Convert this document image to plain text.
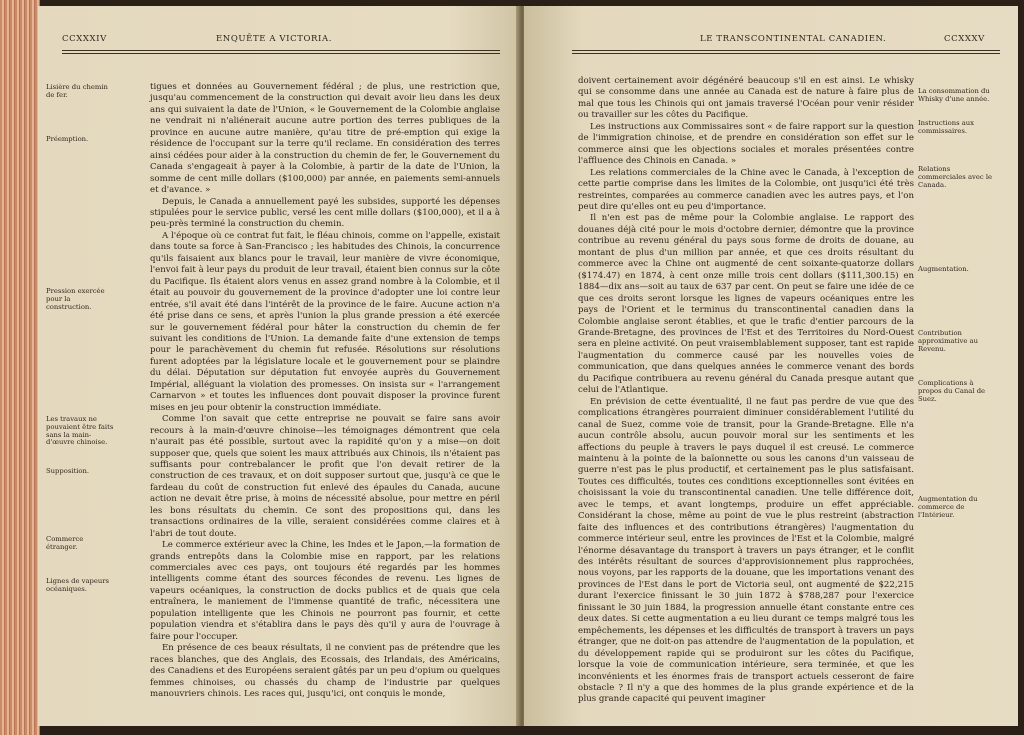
CCXXXIV	ENQUÊTE A VICTORIA.
Lisière du chemin de fer.
Préemption.
Pression exercée pour la construction.
Les travaux ne pouvaient être faits sans la main-d'œuvre chinoise.
Supposition.
Commerce étranger.
Lignes de vapeurs océaniques.

tigues et données au Gouvernement fédéral ; de plus, une restriction que, jusqu'au commencement de la construction qui devait avoir lieu dans les deux ans qui suivaient la date de l'Union, « le Gouvernement de la Colombie anglaise ne vendrait ni n'aliénerait aucune autre portion des terres publiques de la province en aucune autre manière, qu'au titre de pré-emption qui exige la résidence de l'occupant sur la terre qu'il reclame. En considération des terres ainsi cédées pour aider à la construction du chemin de fer, le Gouvernement du Canada s'engageait à payer à la Colombie, à partir de la date de l'Union, la somme de cent mille dollars ($100,000) par année, en paiements semi-annuels et d'avance. »

Depuis, le Canada a annuellement payé les subsides, supporté les dépenses stipulées pour le service public, versé les cent mille dollars ($100,000), et il a à peu-près terminé la construction du chemin.

A l'époque où ce contrat fut fait, le fléau chinois, comme on l'appelle, existait dans toute sa force à San-Francisco ; les habitudes des Chinois, la concurrence qu'ils faisaient aux blancs pour le travail, leur manière de vivre économique, l'envoi fait à leur pays du produit de leur travail, étaient bien connus sur la côte du Pacifique. Ils étaient alors venus en assez grand nombre à la Colombie, et il était au pouvoir du gouvernement de la province d'adopter une loi contre leur entrée, s'il avait été dans l'intérêt de la province de le faire. Aucune action n'a été prise dans ce sens, et après l'union la plus grande pression a été exercée sur le gouvernement fédéral pour hâter la construction du chemin de fer suivant les conditions de l'Union. La demande faite d'une extension de temps pour le parachèvement du chemin fut refusée. Résolutions sur résolutions furent adoptées par la législature locale et le gouvernement pour se plaindre du délai. Députation sur députation fut envoyée auprès du Gouvernement Impérial, alléguant la violation des promesses. On insista sur « l'arrangement Carnarvon » et toutes les influences dont pouvait disposer la province furent mises en jeu pour obtenir la construction immédiate.

Comme l'on savait que cette entreprise ne pouvait se faire sans avoir recours à la main-d'œuvre chinoise—les témoignages démontrent que cela n'aurait pas été possible, surtout avec la rapidité qu'on y a mise—on doit supposer que, quels que soient les maux attribués aux Chinois, ils n'étaient pas suffisants pour contrebalancer le profit que l'on devait retirer de la construction de ces travaux, et on doit supposer surtout que, jusqu'à ce que le fardeau du coût de construction fut enlevé des épaules du Canada, aucune action ne devait être prise, à moins de nécessité absolue, pour mettre en péril les bons résultats du chemin. Ce sont des propositions qui, dans les transactions ordinaires de la ville, seraient considérées comme claires et à l'abri de tout doute.

Le commerce extérieur avec la Chine, les Indes et le Japon,—la formation de grands entrepôts dans la Colombie mise en rapport, par les relations commerciales avec ces pays, ont toujours été regardés par les hommes intelligents comme étant des sources fécondes de revenu. Les lignes de vapeurs océaniques, la construction de docks publics et de quais que cela entraînera, le maniement de l'immense quantité de trafic, nécessitera une population intelligente que les Chinois ne pourront pas fournir, et cette population viendra et s'établira dans le pays dès qu'il y aura de l'ouvrage à faire pour l'occuper.

En présence de ces beaux résultats, il ne convient pas de prétendre que les races blanches, que des Anglais, des Ecossais, des Irlandais, des Américains, des Canadiens et des Européens seraient gâtés par un peu d'opium ou quelques femmes chinoises, ou chassés du champ de l'industrie par quelques manouvriers chinois. Les races qui, jusqu'ici, ont conquis le monde,

LE TRANSCONTINENTAL CANADIEN.	CCXXXV

doivent certainement avoir dégénéré beaucoup s'il en est ainsi. Le whisky qui se consomme dans une année au Canada est de nature à faire plus de mal que tous les Chinois qui ont jamais traversé l'Océan pour venir résider ou travailler sur les côtes du Pacifique.

Les instructions aux Commissaires sont « de faire rapport sur la question de l'immigration chinoise, et de prendre en considération son effet sur le commerce ainsi que les objections sociales et morales présentées contre l'affluence des Chinois en Canada. »

Les relations commerciales de la Chine avec le Canada, à l'exception de cette partie comprise dans les limites de la Colombie, ont jusqu'ici été très restreintes, comparées au commerce canadien avec les autres pays, et l'on peut dire qu'elles ont eu peu d'importance.

Il n'en est pas de même pour la Colombie anglaise. Le rapport des douanes déjà cité pour le mois d'octobre dernier, démontre que la province contribue au revenu général du pays sous forme de droits de douane, au montant de plus d'un million par année, et que ces droits résultant du commerce avec la Chine ont augmenté de cent soixante-quatorze dollars ($174.47) en 1874, à cent onze mille trois cent dollars ($111,300.15) en 1884—dix ans—soit au taux de 637 par cent. On peut se faire une idée de ce que ces droits seront lorsque les lignes de vapeurs océaniques entre les pays de l'Orient et le terminus du transcontinental canadien dans la Colombie anglaise seront établies, et que le trafic d'entier parcours de la Grande-Bretagne, des provinces de l'Est et des Territoires du Nord-Ouest sera en pleine activité. On peut vraisemblablement supposer, tant est rapide l'augmentation du commerce causé par les nouvelles voies de communication, que dans quelques années le commerce venant des bords du Pacifique contribuera au revenu général du Canada presque autant que celui de l'Atlantique.

En prévision de cette éventualité, il ne faut pas perdre de vue que des complications étrangères pourraient diminuer considérablement l'utilité du canal de Suez, comme voie de transit, pour la Grande-Bretagne. Elle n'a aucun contrôle absolu, aucun pouvoir moral sur les sentiments et les affections du peuple à travers le pays duquel il est creusé. Le commerce maintenu à la pointe de la baïonnette ou sous les canons d'un vaisseau de guerre n'est pas le plus productif, et certainement pas le plus satisfaisant. Toutes ces difficultés, toutes ces conditions exceptionnelles sont évitées en choisissant la voie du transcontinental canadien. Une telle différence doit, avec le temps, et avant longtemps, produire un effet appréciable. Considérant la chose, même au point de vue le plus restreint (abstraction faite des influences et des contributions étrangères) l'augmentation du commerce intérieur seul, entre les provinces de l'Est et la Colombie, malgré l'énorme désavantage du transport à travers un pays étranger, et le conflit des intérêts résultant de sources d'approvisionnement plus rapprochées, nous voyons, par les rapports de la douane, que les importations venant des provinces de l'Est dans le port de Victoria seul, ont augmenté de $22,215 durant l'exercice finissant le 30 juin 1872 à $788,287 pour l'exercice finissant le 30 juin 1884, la progression annuelle étant constante entre ces deux dates. Si cette augmentation a eu lieu durant ce temps malgré tous les empêchements, les dépenses et les difficultés de transport à travers un pays étranger, que ne doit-on pas attendre de l'augmentation de la population, et du développement rapide qui se produiront sur les côtes du Pacifique, lorsque la voie de communication intérieure, sera terminée, et que les inconvénients et les énormes frais de transport actuels cesseront de faire obstacle ? Il n'y a que des hommes de la plus grande expérience et de la plus grande capacité qui peuvent imaginer

La consommation du Whisky d'une année.
Instructions aux commissaires.
Relations commerciales avec le Canada.
Augmentation.
Contribution approximative au Revenu.
Complications à propos du Canal de Suez.
Augmentation du commerce de l'Intérieur.
